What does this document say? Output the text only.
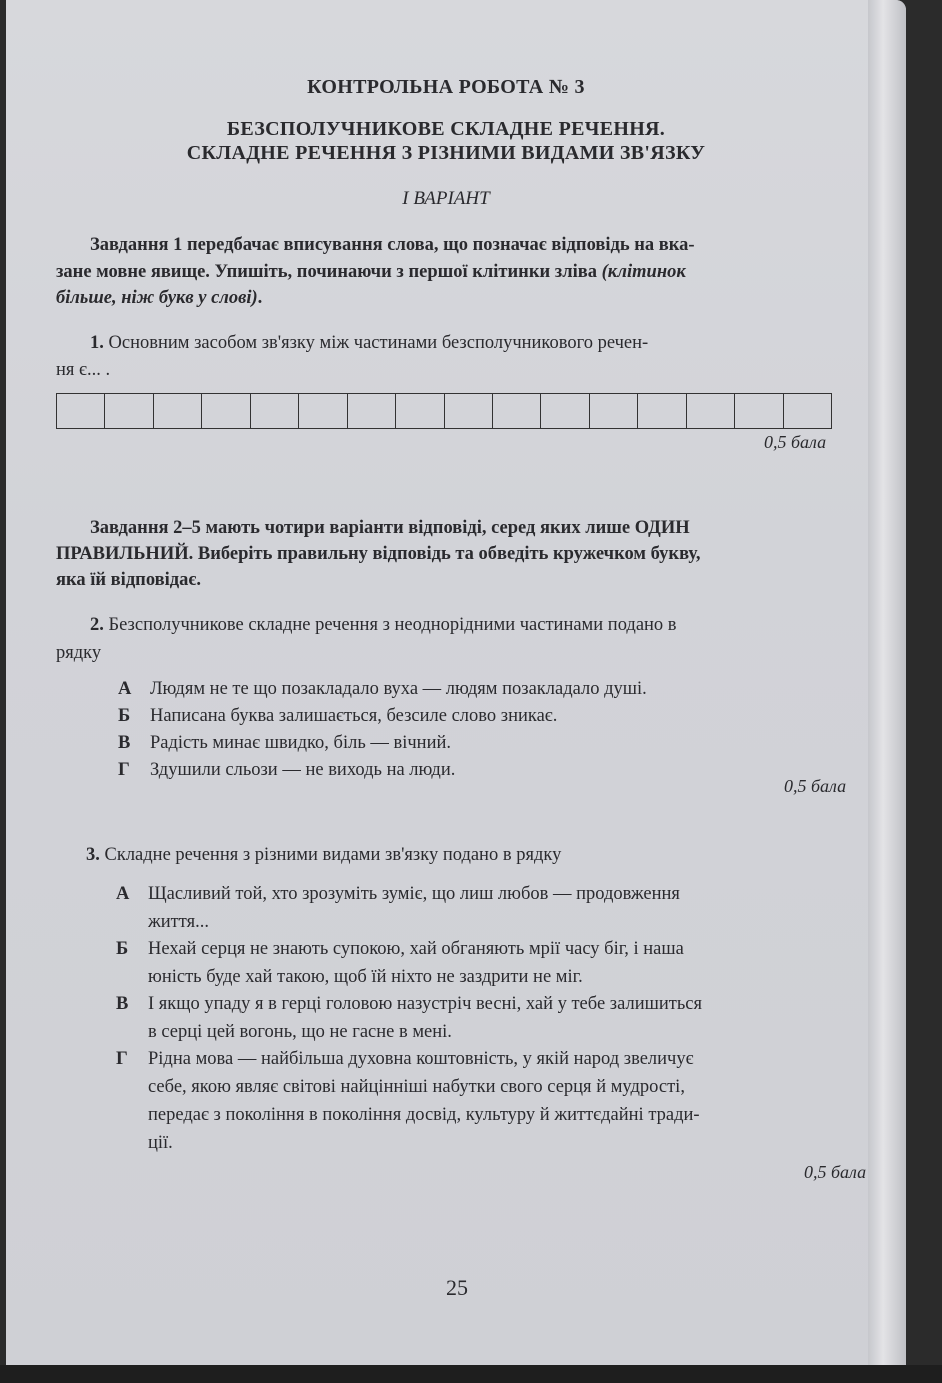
КОНТРОЛЬНА РОБОТА № 3
БЕЗСПОЛУЧНИКОВЕ СКЛАДНЕ РЕЧЕННЯ.
СКЛАДНЕ РЕЧЕННЯ З РІЗНИМИ ВИДАМИ ЗВ'ЯЗКУ
І ВАРІАНТ
Завдання 1 передбачає вписування слова, що позначає відповідь на вка-
зане мовне явище. Упишіть, починаючи з першої клітинки зліва (клітинок
більше, ніж букв у слові).
1. Основним засобом зв'язку між частинами безсполучникового речен-
ня є... .
0,5 бала
Завдання 2–5 мають чотири варіанти відповіді, серед яких лише ОДИН
ПРАВИЛЬНИЙ. Виберіть правильну відповідь та обведіть кружечком букву,
яка їй відповідає.
2. Безсполучникове складне речення з неоднорідними частинами подано в
рядку
А	Людям не те що позакладало вуха — людям позакладало душі.
Б	Написана буква залишається, безсиле слово зникає.
В	Радість минає швидко, біль — вічний.
Г	Здушили сльози — не виходь на люди.
0,5 бала
3. Складне речення з різними видами зв'язку подано в рядку
А	Щасливий той, хто зрозуміть зуміє, що лиш любов — продовження
життя...
Б	Нехай серця не знають супокою, хай обганяють мрії часу біг, і наша
юність буде хай такою, щоб їй ніхто не заздрити не міг.
В	І якщо упаду я в герці головою назустріч весні, хай у тебе залишиться
в серці цей вогонь, що не гасне в мені.
Г	Рідна мова — найбільша духовна коштовність, у якій народ звеличує
себе, якою являє світові найцінніші набутки свого серця й мудрості,
передає з покоління в покоління досвід, культуру й життєдайні тради-
ції.
0,5 бала
25
